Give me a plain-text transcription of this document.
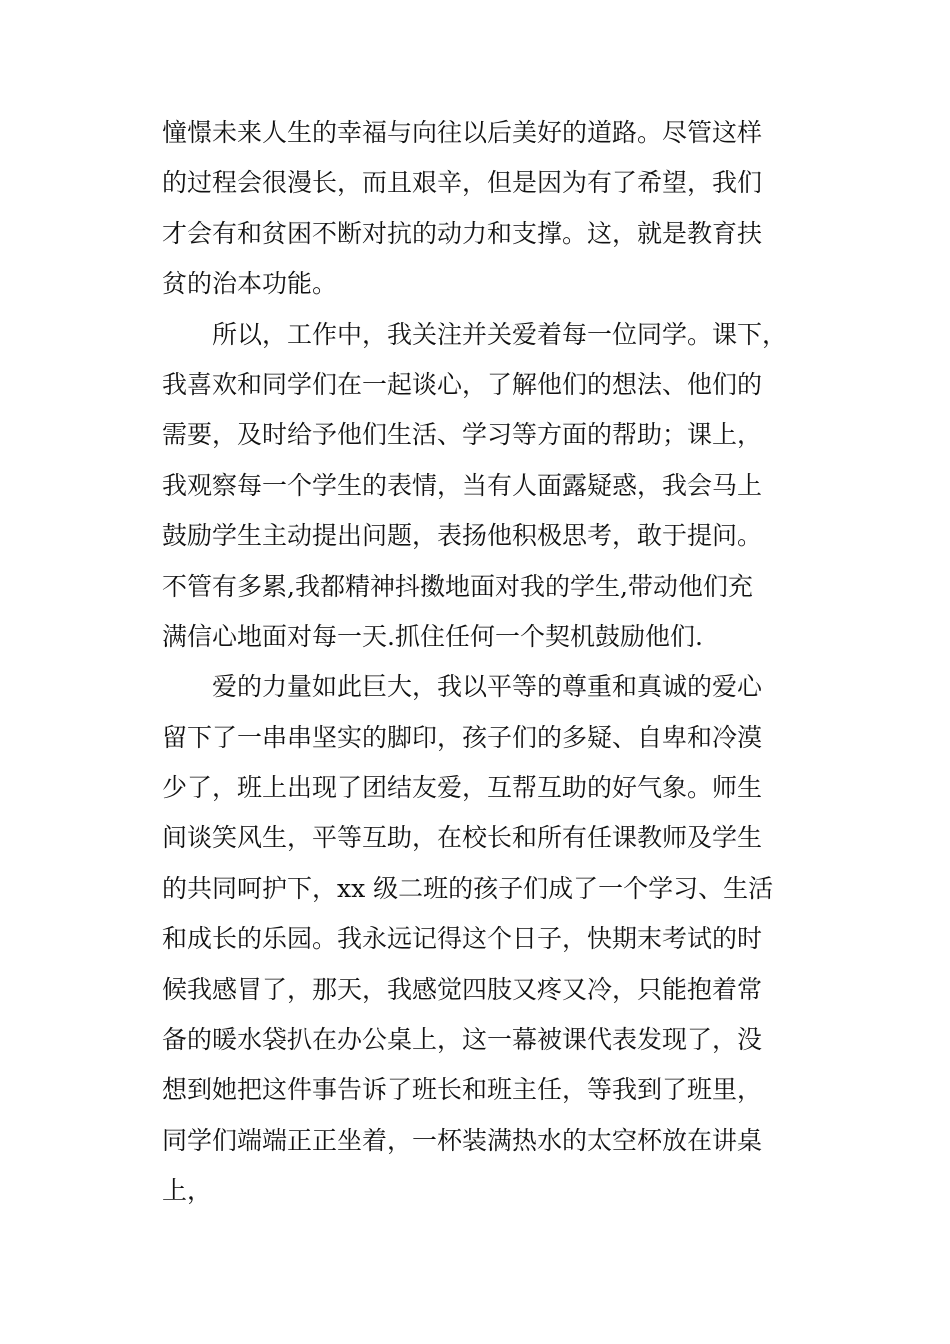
憧憬未来人生的幸福与向往以后美好的道路。尽管这样
的过程会很漫长，而且艰辛，但是因为有了希望，我们
才会有和贫困不断对抗的动力和支撑。这，就是教育扶
贫的治本功能。
所以，工作中，我关注并关爱着每一位同学。课下，
我喜欢和同学们在一起谈心，了解他们的想法、他们的
需要，及时给予他们生活、学习等方面的帮助；课上，
我观察每一个学生的表情，当有人面露疑惑，我会马上
鼓励学生主动提出问题，表扬他积极思考，敢于提问。
不管有多累,我都精神抖擞地面对我的学生,带动他们充
满信心地面对每一天.抓住任何一个契机鼓励他们.
爱的力量如此巨大，我以平等的尊重和真诚的爱心
留下了一串串坚实的脚印，孩子们的多疑、自卑和冷漠
少了，班上出现了团结友爱，互帮互助的好气象。师生
间谈笑风生，平等互助，在校长和所有任课教师及学生
的共同呵护下，xx 级二班的孩子们成了一个学习、生活
和成长的乐园。我永远记得这个日子，快期末考试的时
候我感冒了，那天，我感觉四肢又疼又冷，只能抱着常
备的暖水袋扒在办公桌上，这一幕被课代表发现了，没
想到她把这件事告诉了班长和班主任，等我到了班里，
同学们端端正正坐着，一杯装满热水的太空杯放在讲桌
上，
